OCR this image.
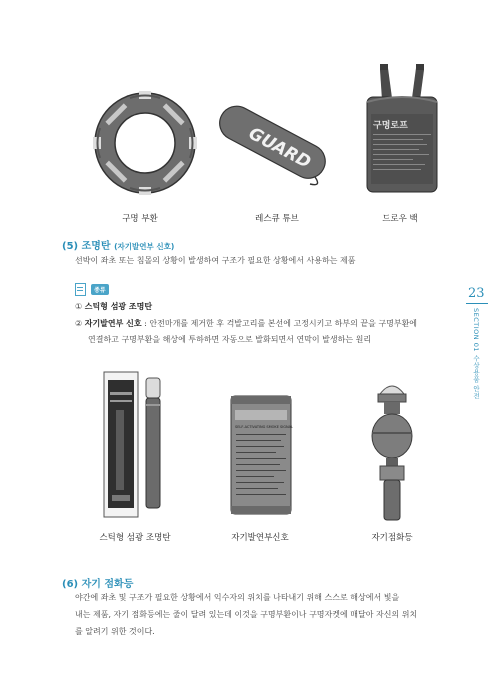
구명 부환
GUARD
레스큐 튜브
구명로프
드로우 백
(5) 조명탄 (자기발연부 신호)
선박이 좌초 또는 침몰의 상황이 발생하여 구조가 필요한 상황에서 사용하는 제품
종류
① 스틱형 섬광 조명탄
② 자기발연부 신호 : 안전마개를 제거한 후 걱발고리를 본선에 고정시키고 하부의 끝을 구명부환에
연결하고 구명부환을 해상에 투하하면 자동으로 발화되면서 연막이 발생하는 원리
스틱형 섬광 조명탄
SELF-ACTIVATING SMOKE SIGNAL
자기발연부신호	자기점화등
(6) 자기 점화등
야간에 좌초 및 구조가 필요한 상황에서 익수자의 위치를 나타내기 위해 스스로 해상에서 빛을
내는 제품, 자기 점화등에는 줄이 달려 있는데 이것을 구명부환이나 구명자켓에 매달아 자신의 위치
를 알려기 위한 것이다.
23
SECTION 01 수상용품 안전
